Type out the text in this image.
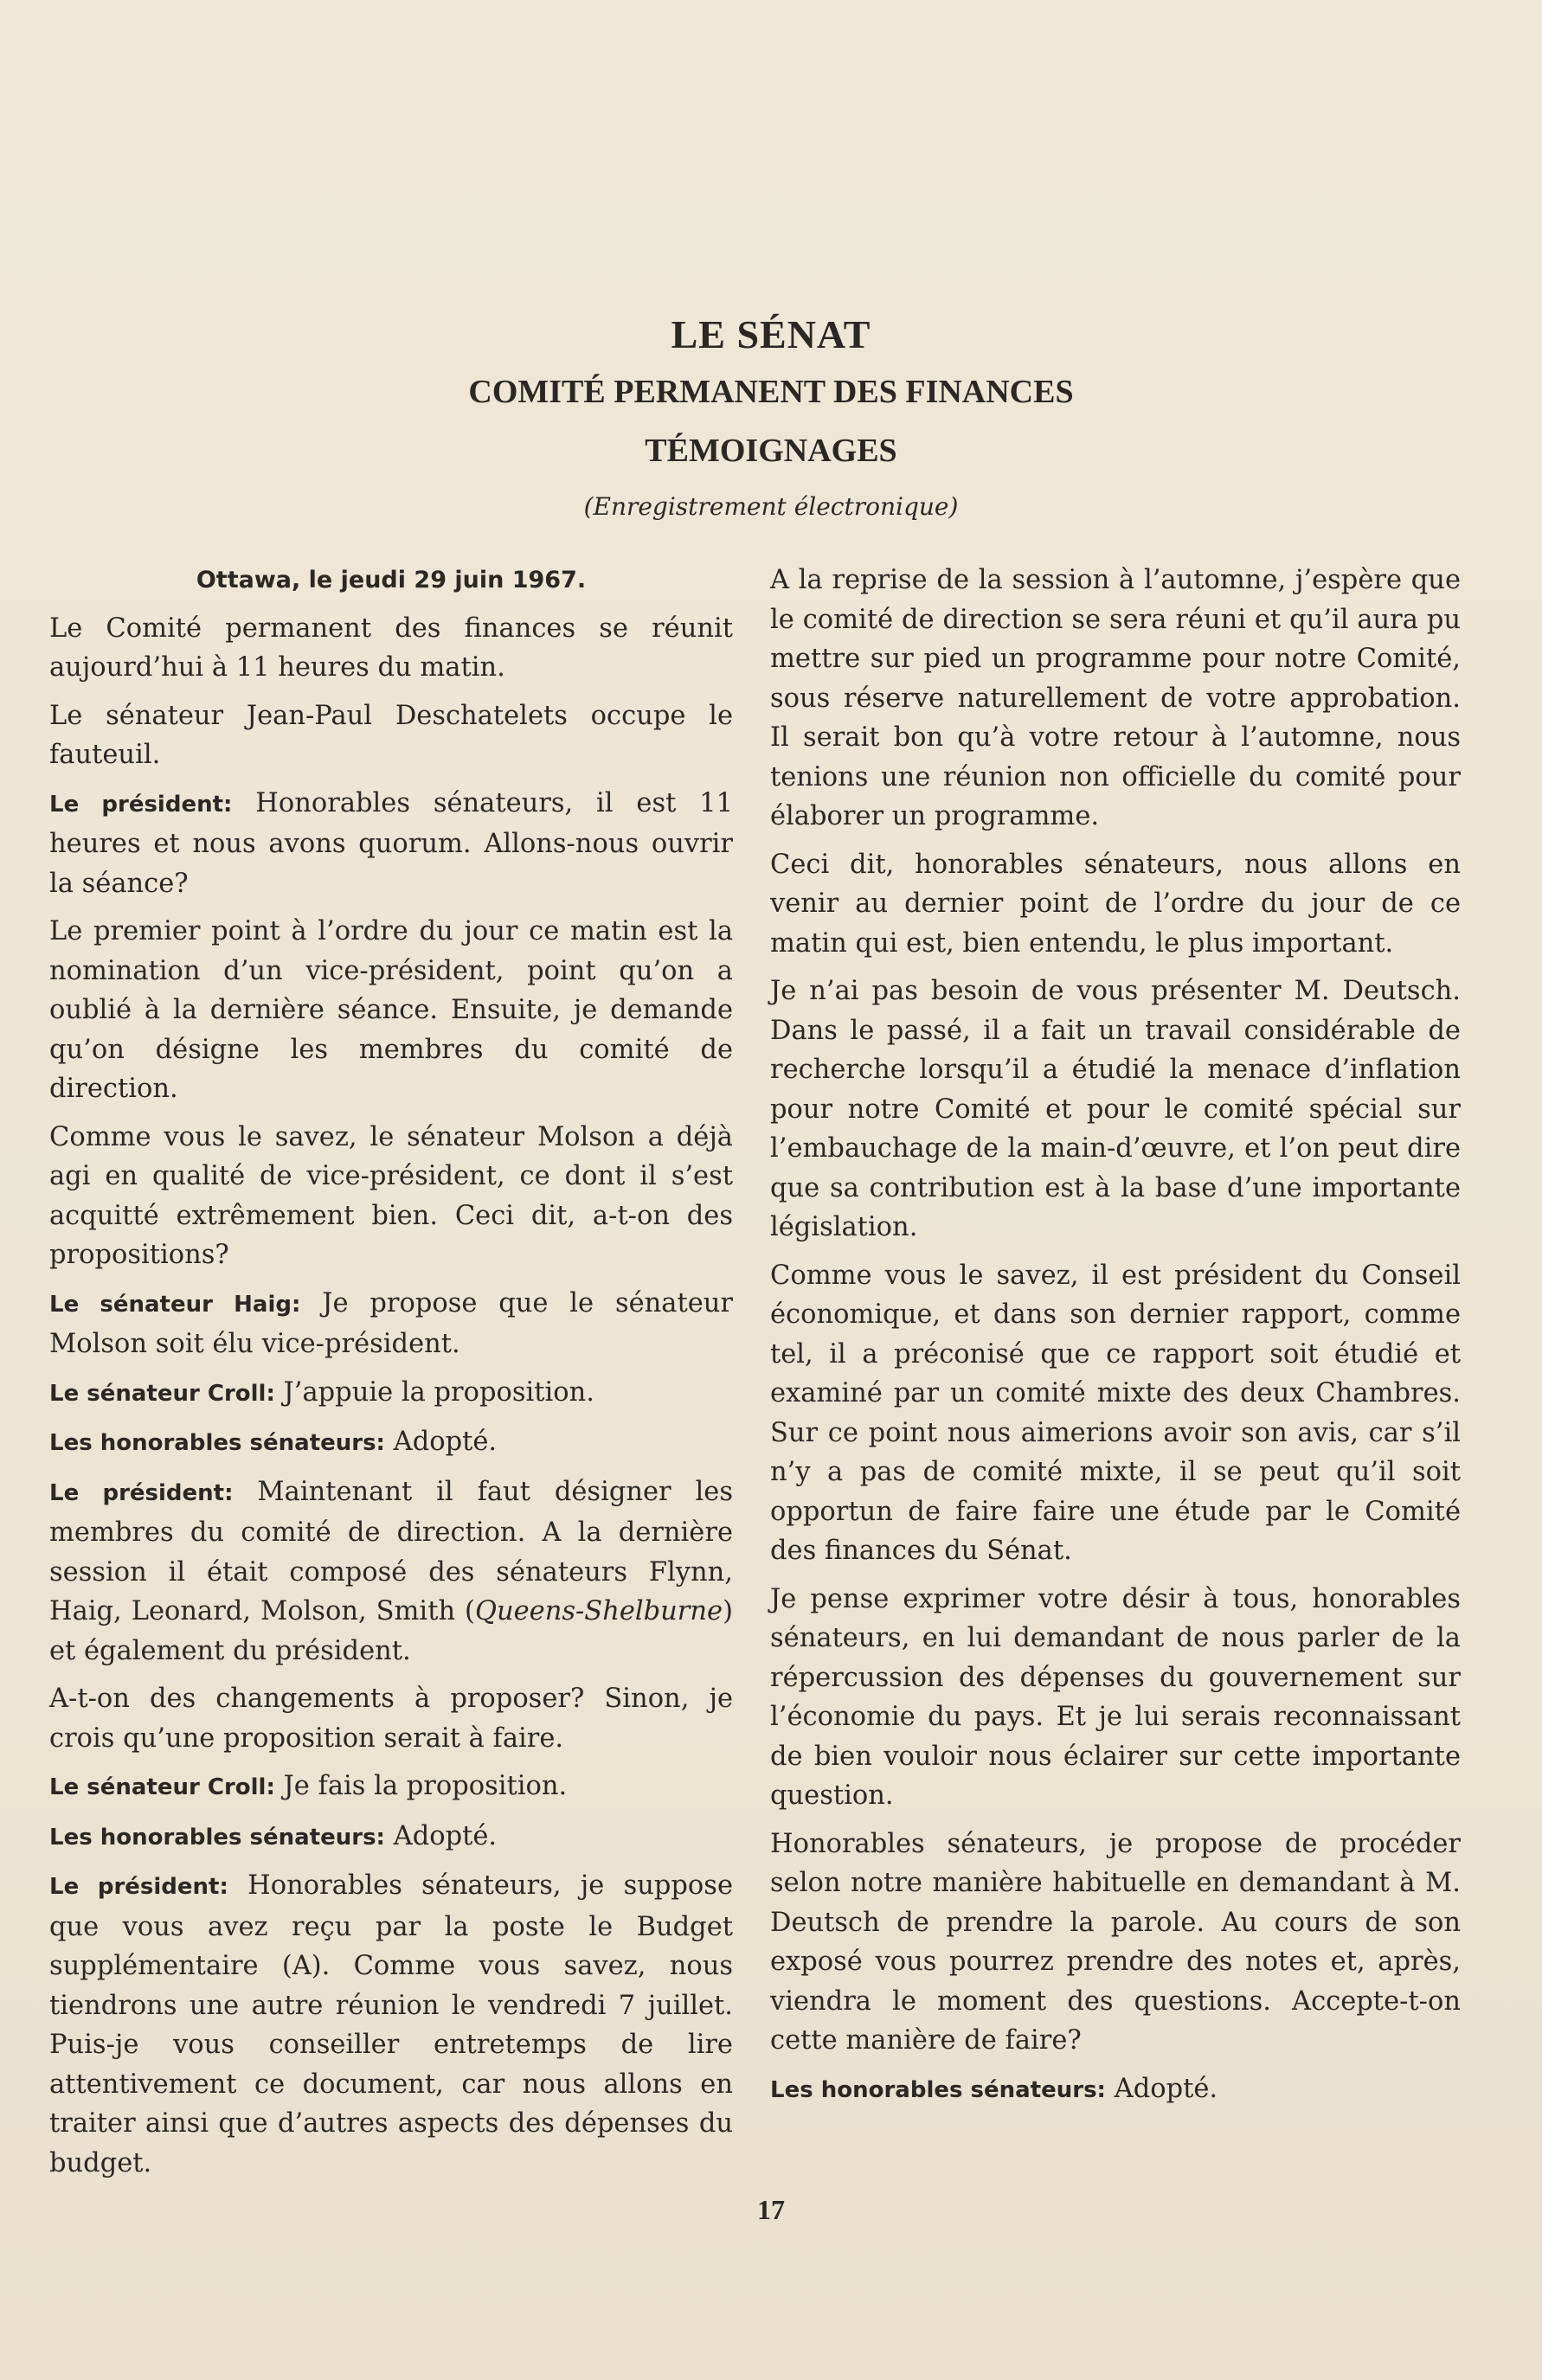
LE SÉNAT
COMITÉ PERMANENT DES FINANCES
TÉMOIGNAGES
(Enregistrement électronique)

Ottawa, le jeudi 29 juin 1967.

Le Comité permanent des finances se réunit aujourd’hui à 11 heures du matin.

Le sénateur Jean-Paul Deschatelets occupe le fauteuil.

Le président: Honorables sénateurs, il est 11 heures et nous avons quorum. Allons-nous ouvrir la séance?

Le premier point à l’ordre du jour ce matin est la nomination d’un vice-président, point qu’on a oublié à la dernière séance. Ensuite, je demande qu’on désigne les membres du comité de direction.

Comme vous le savez, le sénateur Molson a déjà agi en qualité de vice-président, ce dont il s’est acquitté extrêmement bien. Ceci dit, a-t-on des propositions?

Le sénateur Haig: Je propose que le sénateur Molson soit élu vice-président.

Le sénateur Croll: J’appuie la proposition.

Les honorables sénateurs: Adopté.

Le président: Maintenant il faut désigner les membres du comité de direction. A la dernière session il était composé des sénateurs Flynn, Haig, Leonard, Molson, Smith (Queens-Shelburne) et également du président.

A-t-on des changements à proposer? Sinon, je crois qu’une proposition serait à faire.

Le sénateur Croll: Je fais la proposition.

Les honorables sénateurs: Adopté.

Le président: Honorables sénateurs, je suppose que vous avez reçu par la poste le Budget supplémentaire (A). Comme vous savez, nous tiendrons une autre réunion le vendredi 7 juillet. Puis-je vous conseiller entretemps de lire attentivement ce document, car nous allons en traiter ainsi que d’autres aspects des dépenses du budget.

A la reprise de la session à l’automne, j’espère que le comité de direction se sera réuni et qu’il aura pu mettre sur pied un programme pour notre Comité, sous réserve naturellement de votre approbation. Il serait bon qu’à votre retour à l’automne, nous tenions une réunion non officielle du comité pour élaborer un programme.

Ceci dit, honorables sénateurs, nous allons en venir au dernier point de l’ordre du jour de ce matin qui est, bien entendu, le plus important.

Je n’ai pas besoin de vous présenter M. Deutsch. Dans le passé, il a fait un travail considérable de recherche lorsqu’il a étudié la menace d’inflation pour notre Comité et pour le comité spécial sur l’embauchage de la main-d’œuvre, et l’on peut dire que sa contribution est à la base d’une importante législation.

Comme vous le savez, il est président du Conseil économique, et dans son dernier rapport, comme tel, il a préconisé que ce rapport soit étudié et examiné par un comité mixte des deux Chambres. Sur ce point nous aimerions avoir son avis, car s’il n’y a pas de comité mixte, il se peut qu’il soit opportun de faire faire une étude par le Comité des finances du Sénat.

Je pense exprimer votre désir à tous, honorables sénateurs, en lui demandant de nous parler de la répercussion des dépenses du gouvernement sur l’économie du pays. Et je lui serais reconnaissant de bien vouloir nous éclairer sur cette importante question.

Honorables sénateurs, je propose de procéder selon notre manière habituelle en demandant à M. Deutsch de prendre la parole. Au cours de son exposé vous pourrez prendre des notes et, après, viendra le moment des questions. Accepte-t-on cette manière de faire?

Les honorables sénateurs: Adopté.

17
